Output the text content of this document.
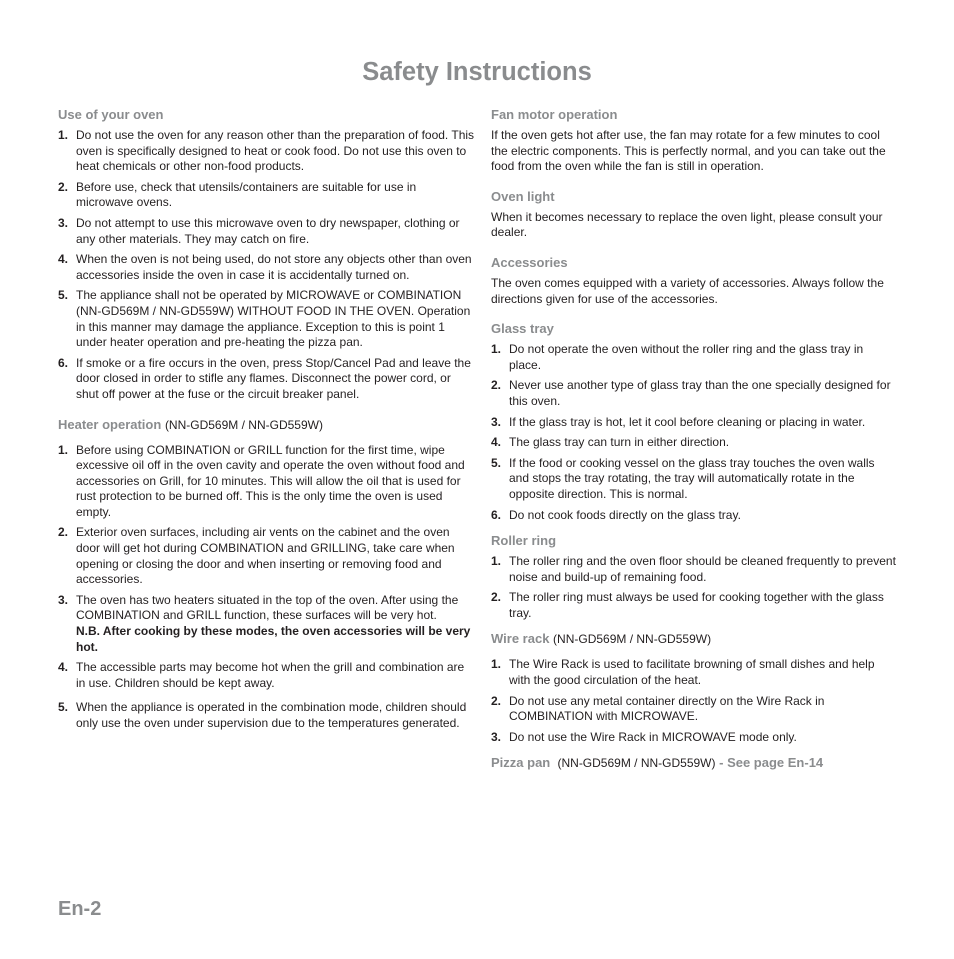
Safety Instructions
Use of your oven
1. Do not use the oven for any reason other than the preparation of food. This oven is specifically designed to heat or cook food. Do not use this oven to heat chemicals or other non-food products.
2. Before use, check that utensils/containers are suitable for use in microwave ovens.
3. Do not attempt to use this microwave oven to dry newspaper, clothing or any other materials. They may catch on fire.
4. When the oven is not being used, do not store any objects other than oven accessories inside the oven in case it is accidentally turned on.
5. The appliance shall not be operated by MICROWAVE or COMBINATION (NN-GD569M / NN-GD559W) WITHOUT FOOD IN THE OVEN. Operation in this manner may damage the appliance. Exception to this is point 1 under heater operation and pre-heating the pizza pan.
6. If smoke or a fire occurs in the oven, press Stop/Cancel Pad and leave the door closed in order to stifle any flames. Disconnect the power cord, or shut off power at the fuse or the circuit breaker panel.
Heater operation (NN-GD569M / NN-GD559W)
1. Before using COMBINATION or GRILL function for the first time, wipe excessive oil off in the oven cavity and operate the oven without food and accessories on Grill, for 10 minutes. This will allow the oil that is used for rust protection to be burned off. This is the only time the oven is used empty.
2. Exterior oven surfaces, including air vents on the cabinet and the oven door will get hot during COMBINATION and GRILLING, take care when opening or closing the door and when inserting or removing food and accessories.
3. The oven has two heaters situated in the top of the oven. After using the COMBINATION and GRILL function, these surfaces will be very hot.
N.B. After cooking by these modes, the oven accessories will be very hot.
4. The accessible parts may become hot when the grill and combination are in use. Children should be kept away.
5. When the appliance is operated in the combination mode, children should only use the oven under supervision due to the temperatures generated.
Fan motor operation

If the oven gets hot after use, the fan may rotate for a few minutes to cool the electric components. This is perfectly normal, and you can take out the food from the oven while the fan is still in operation.

Oven light

When it becomes necessary to replace the oven light, please consult your dealer.

Accessories

The oven comes equipped with a variety of accessories. Always follow the directions given for use of the accessories.

Glass tray
1. Do not operate the oven without the roller ring and the glass tray in place.
2. Never use another type of glass tray than the one specially designed for this oven.
3. If the glass tray is hot, let it cool before cleaning or placing in water.
4. The glass tray can turn in either direction.
5. If the food or cooking vessel on the glass tray touches the oven walls and stops the tray rotating, the tray will automatically rotate in the opposite direction. This is normal.
6. Do not cook foods directly on the glass tray.
Roller ring
1. The roller ring and the oven floor should be cleaned frequently to prevent noise and build-up of remaining food.
2. The roller ring must always be used for cooking together with the glass tray.
Wire rack (NN-GD569M / NN-GD559W)
1. The Wire Rack is used to facilitate browning of small dishes and help with the good circulation of the heat.
2. Do not use any metal container directly on the Wire Rack in COMBINATION with MICROWAVE.
3. Do not use the Wire Rack in MICROWAVE mode only.
Pizza pan (NN-GD569M / NN-GD559W) - See page En-14
En-2
